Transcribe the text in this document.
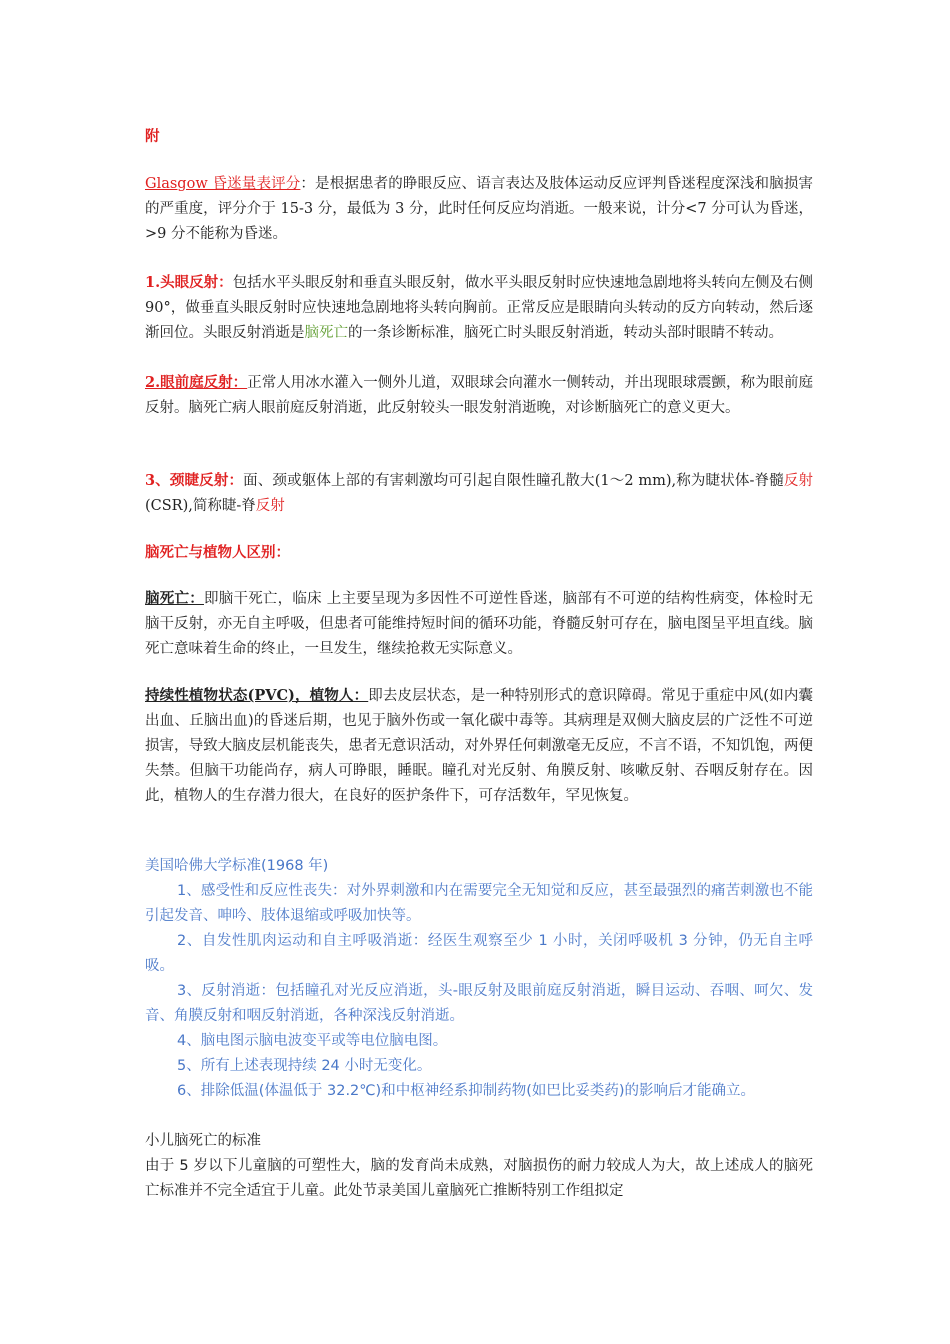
附
Glasgow 昏迷量表评分：是根据患者的睁眼反应、语言表达及肢体运动反应评判昏迷程度深浅和脑损害的严重度，评分介于 15-3 分，最低为 3 分，此时任何反应均消逝。一般来说，计分<7 分可认为昏迷，>9 分不能称为昏迷。
1.头眼反射：包括水平头眼反射和垂直头眼反射，做水平头眼反射时应快速地急剧地将头转向左侧及右侧 90°，做垂直头眼反射时应快速地急剧地将头转向胸前。正常反应是眼睛向头转动的反方向转动，然后逐渐回位。头眼反射消逝是脑死亡的一条诊断标准，脑死亡时头眼反射消逝，转动头部时眼睛不转动。
2.眼前庭反射：正常人用冰水灌入一侧外儿道，双眼球会向灌水一侧转动，并出现眼球震颤，称为眼前庭反射。脑死亡病人眼前庭反射消逝，此反射较头一眼发射消逝晚，对诊断脑死亡的意义更大。
3、颈睫反射：面、颈或躯体上部的有害刺激均可引起自限性瞳孔散大(1～2 mm),称为睫状体-脊髓反射(CSR),简称睫-脊反射
脑死亡与植物人区别：
脑死亡：即脑干死亡，临床 上主要呈现为多因性不可逆性昏迷，脑部有不可逆的结构性病变，体检时无脑干反射，亦无自主呼吸，但患者可能维持短时间的循环功能，脊髓反射可存在，脑电图呈平坦直线。脑死亡意味着生命的终止，一旦发生，继续抢救无实际意义。
持续性植物状态(PVC)，植物人：即去皮层状态，是一种特别形式的意识障碍。常见于重症中风(如内囊出血、丘脑出血)的昏迷后期，也见于脑外伤或一氧化碳中毒等。其病理是双侧大脑皮层的广泛性不可逆损害，导致大脑皮层机能丧失，患者无意识活动，对外界任何刺激毫无反应，不言不语，不知饥饱，两便失禁。但脑干功能尚存，病人可睁眼，睡眠。瞳孔对光反射、角膜反射、咳嗽反射、吞咽反射存在。因此，植物人的生存潜力很大，在良好的医护条件下，可存活数年，罕见恢复。
美国哈佛大学标准(1968 年)
1、感受性和反应性丧失：对外界刺激和内在需要完全无知觉和反应，甚至最强烈的痛苦刺激也不能引起发音、呻吟、肢体退缩或呼吸加快等。
2、自发性肌肉运动和自主呼吸消逝：经医生观察至少 1 小时，关闭呼吸机 3 分钟，仍无自主呼吸。
3、反射消逝：包括瞳孔对光反应消逝，头-眼反射及眼前庭反射消逝，瞬目运动、吞咽、呵欠、发音、角膜反射和咽反射消逝，各种深浅反射消逝。
4、脑电图示脑电波变平或等电位脑电图。
5、所有上述表现持续 24 小时无变化。
6、排除低温(体温低于 32.2℃)和中枢神经系抑制药物(如巴比妥类药)的影响后才能确立。
小儿脑死亡的标准
由于 5 岁以下儿童脑的可塑性大，脑的发育尚未成熟，对脑损伤的耐力较成人为大，故上述成人的脑死亡标准并不完全适宜于儿童。此处节录美国儿童脑死亡推断特别工作组拟定
